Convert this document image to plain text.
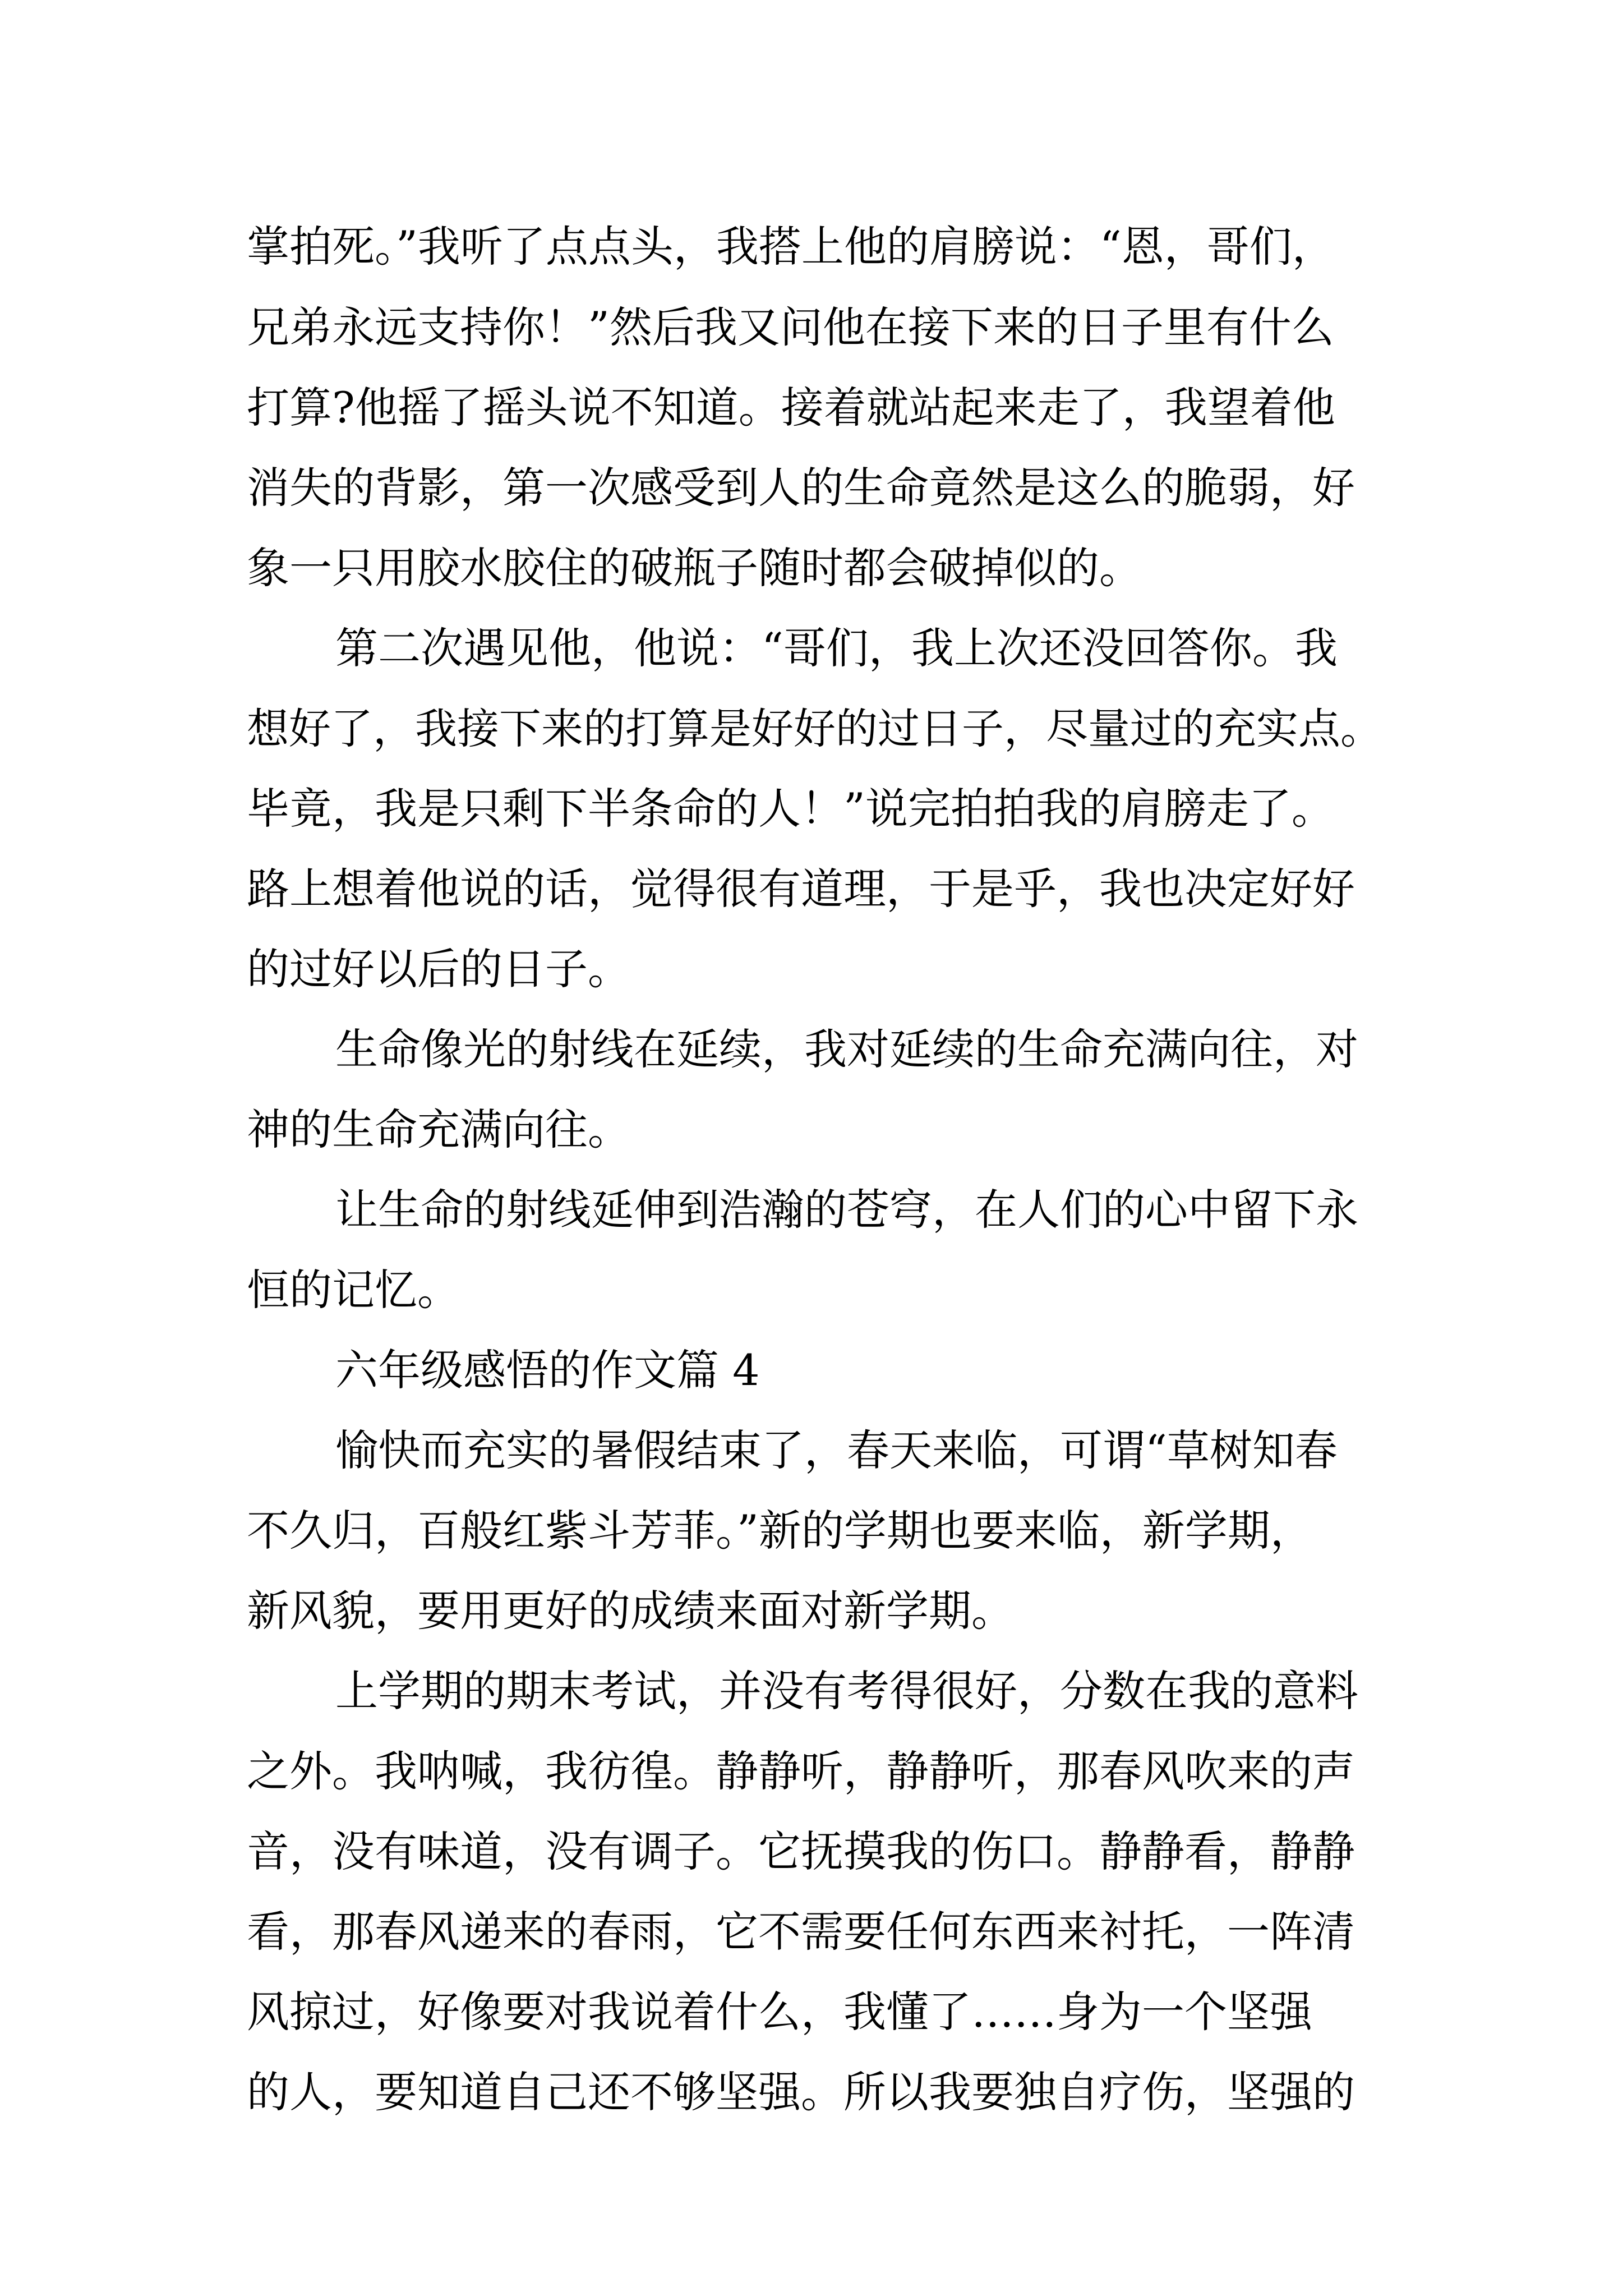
掌拍死。”我听了点点头，我搭上他的肩膀说：“恩，哥们，
兄弟永远支持你！”然后我又问他在接下来的日子里有什么
打算?他摇了摇头说不知道。接着就站起来走了，我望着他
消失的背影，第一次感受到人的生命竟然是这么的脆弱，好
象一只用胶水胶住的破瓶子随时都会破掉似的。
第二次遇见他，他说：“哥们，我上次还没回答你。我
想好了，我接下来的打算是好好的过日子，尽量过的充实点。
毕竟，我是只剩下半条命的人！”说完拍拍我的肩膀走了。
路上想着他说的话，觉得很有道理，于是乎，我也决定好好
的过好以后的日子。
生命像光的射线在延续，我对延续的生命充满向往，对
神的生命充满向往。
让生命的射线延伸到浩瀚的苍穹，在人们的心中留下永
恒的记忆。
六年级感悟的作文篇 4
愉快而充实的暑假结束了，春天来临，可谓“草树知春
不久归，百般红紫斗芳菲。”新的学期也要来临，新学期，
新风貌，要用更好的成绩来面对新学期。
上学期的期末考试，并没有考得很好，分数在我的意料
之外。我呐喊，我彷徨。静静听，静静听，那春风吹来的声
音，没有味道，没有调子。它抚摸我的伤口。静静看，静静
看，那春风递来的春雨，它不需要任何东西来衬托，一阵清
风掠过，好像要对我说着什么，我懂了……身为一个坚强
的人，要知道自己还不够坚强。所以我要独自疗伤，坚强的
